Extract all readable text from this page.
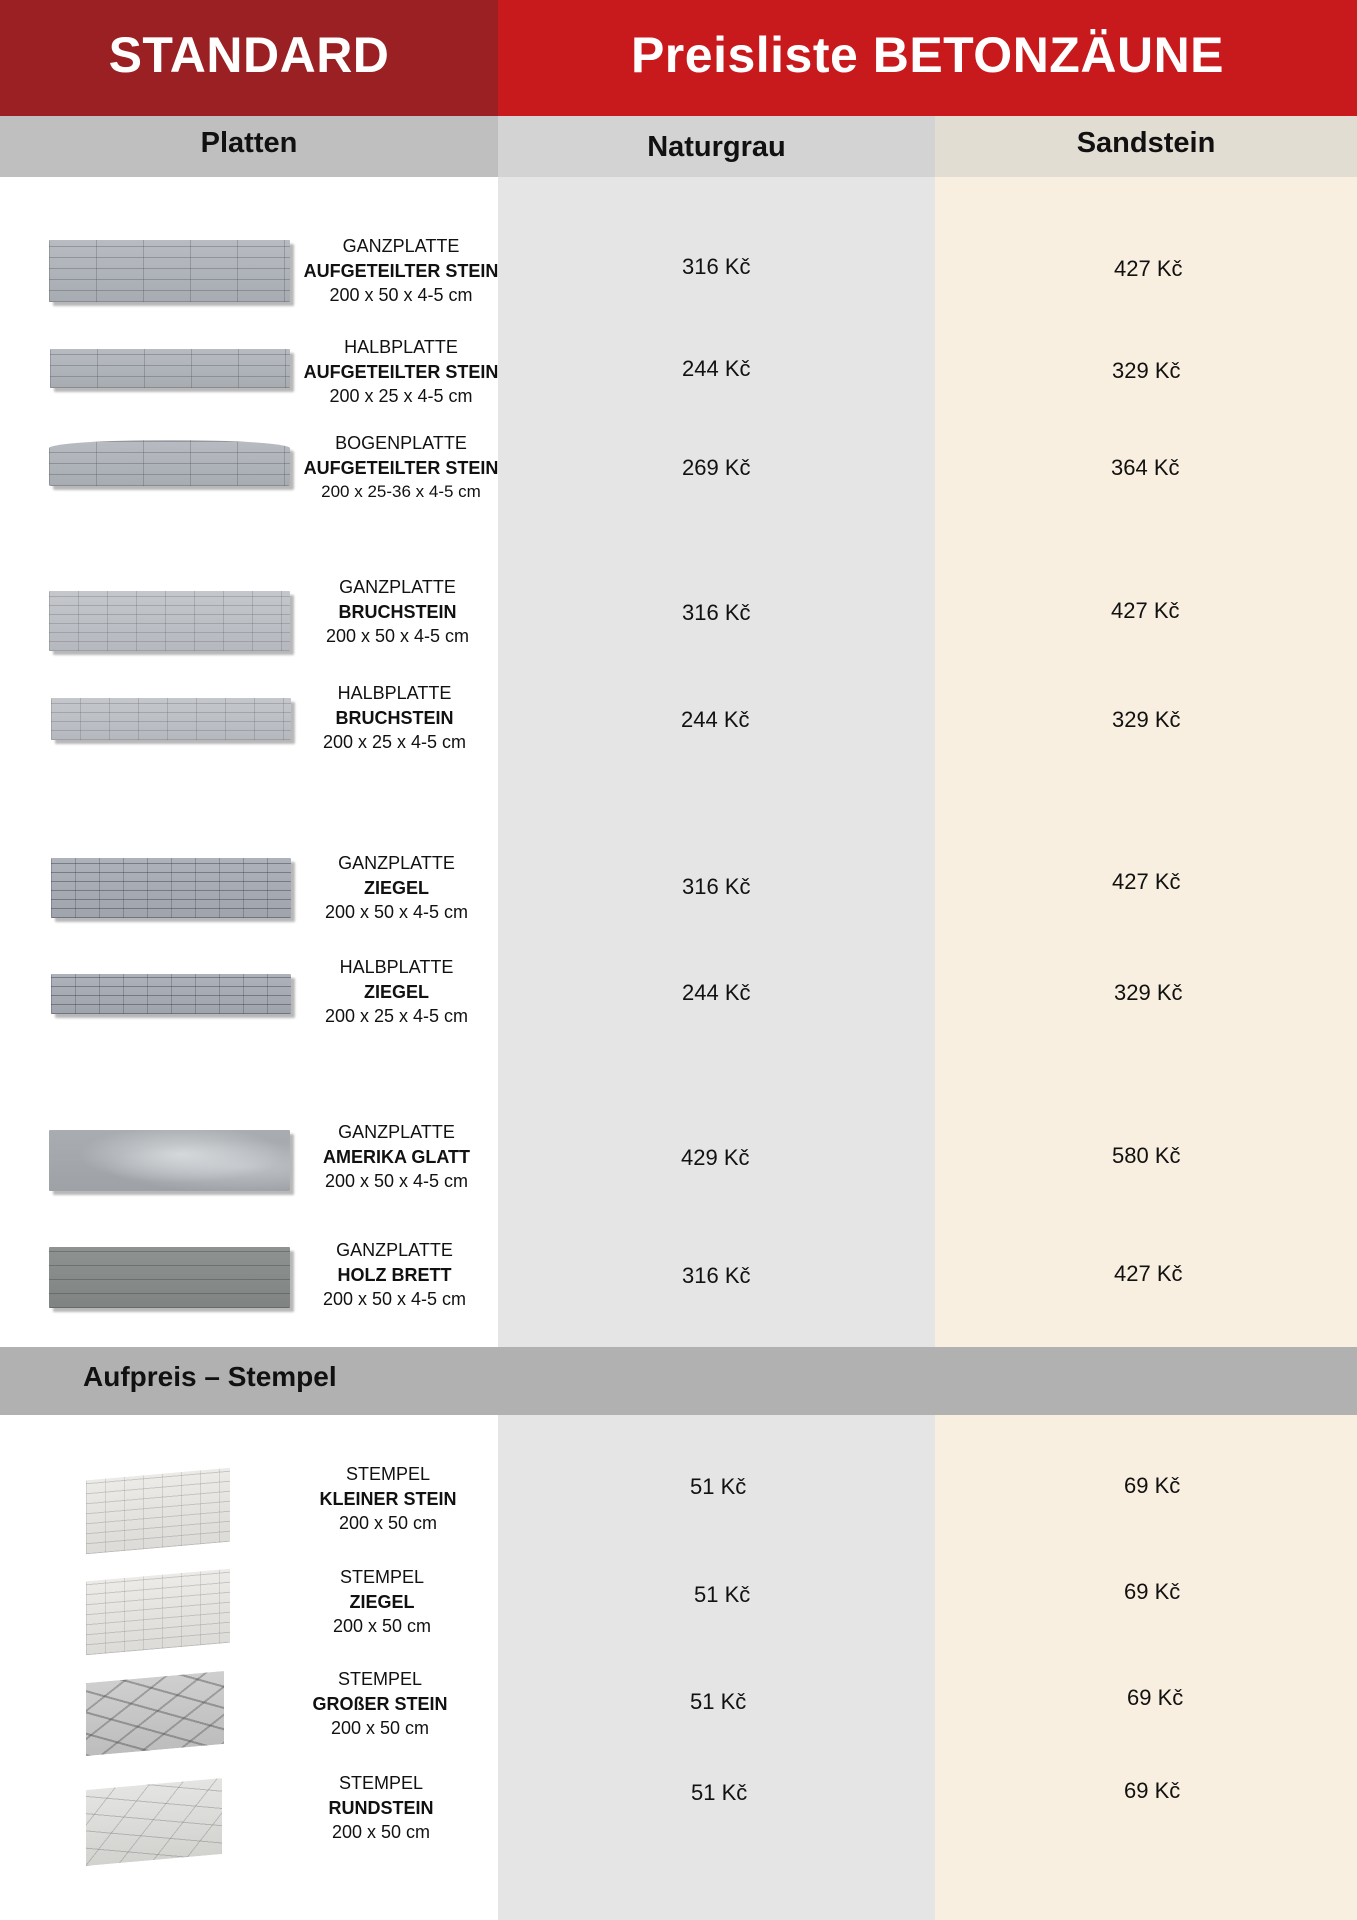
STANDARD	Preisliste BETONZÄUNE
Platten	Naturgrau	Sandstein
Aufpreis – Stempel
GANZPLATTE
AUFGETEILTER STEIN
200 x 50 x 4-5 cm
316 Kč	427 Kč
HALBPLATTE
AUFGETEILTER STEIN
200 x 25 x 4-5 cm
244 Kč	329 Kč
BOGENPLATTE
AUFGETEILTER STEIN
200 x 25-36 x 4-5 cm
269 Kč	364 Kč
GANZPLATTE
BRUCHSTEIN
200 x 50 x 4-5 cm
316 Kč	427 Kč
HALBPLATTE
BRUCHSTEIN
200 x 25 x 4-5 cm
244 Kč	329 Kč
GANZPLATTE
ZIEGEL
200 x 50 x 4-5 cm
316 Kč	427 Kč
HALBPLATTE
ZIEGEL
200 x 25 x 4-5 cm
244 Kč	329 Kč
GANZPLATTE
AMERIKA GLATT
200 x 50 x 4-5 cm
429 Kč	580 Kč
GANZPLATTE
HOLZ BRETT
200 x 50 x 4-5 cm
316 Kč	427 Kč
STEMPEL
KLEINER STEIN
200 x 50 cm
51 Kč	69 Kč
STEMPEL
ZIEGEL
200 x 50 cm
51 Kč	69 Kč
STEMPEL
GROßER STEIN
200 x 50 cm
51 Kč	69 Kč
STEMPEL
RUNDSTEIN
200 x 50 cm
51 Kč	69 Kč
